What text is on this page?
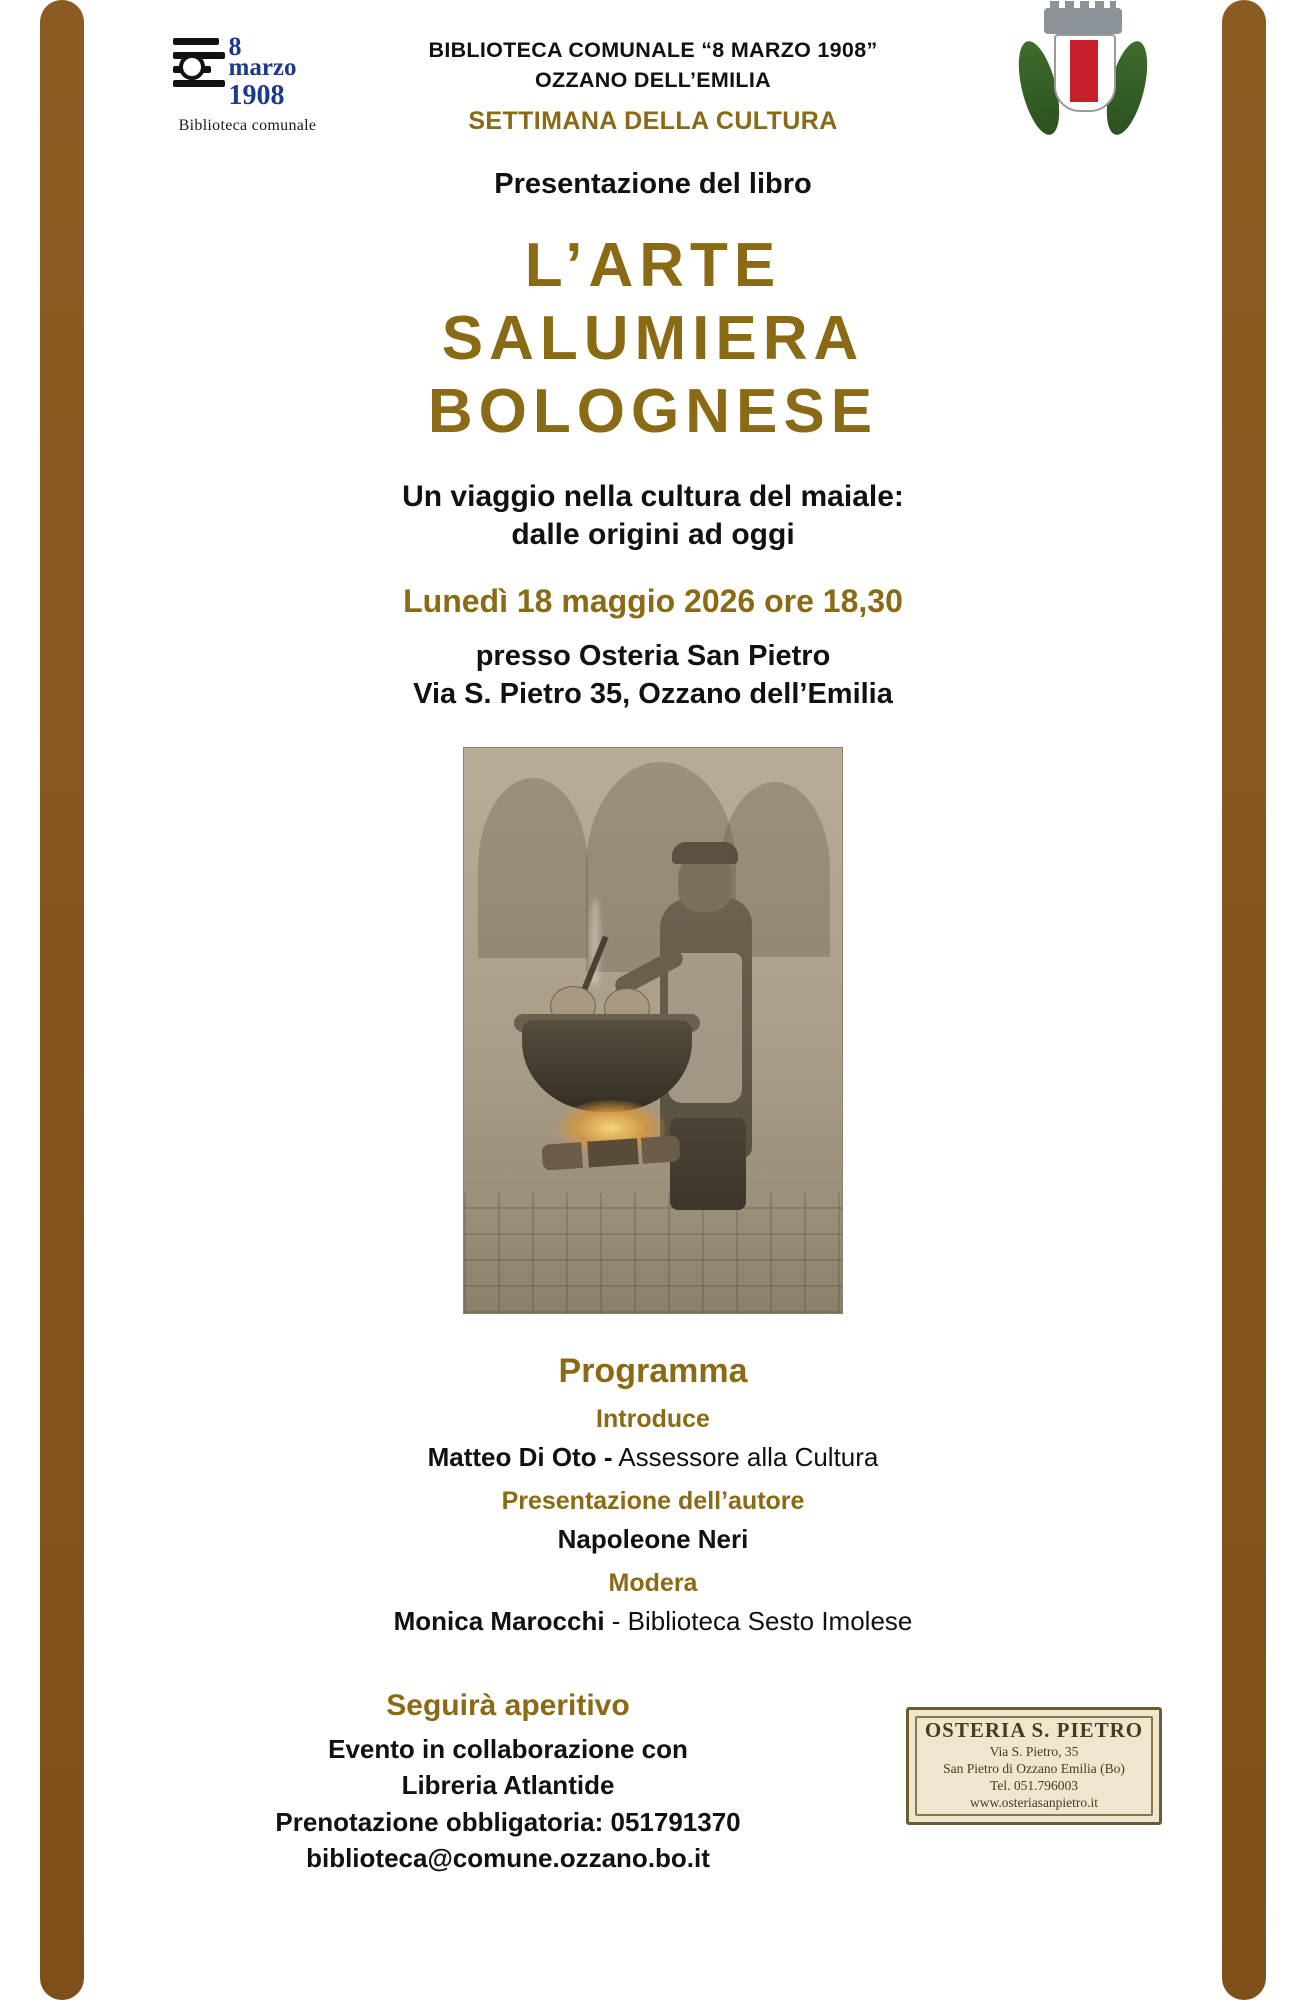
8
marzo
1908
Biblioteca comunale
BIBLIOTECA COMUNALE “8 MARZO 1908”
OZZANO DELL’EMILIA
SETTIMANA DELLA CULTURA
Presentazione del libro
L’ARTE
SALUMIERA
BOLOGNESE
Un viaggio nella cultura del maiale:
dalle origini ad oggi
Lunedì 18 maggio 2026 ore 18,30
presso Osteria San Pietro
Via S. Pietro 35, Ozzano dell’Emilia
Programma
Introduce
Matteo Di Oto - Assessore alla Cultura
Presentazione dell’autore
Napoleone Neri
Modera
Monica Marocchi - Biblioteca Sesto Imolese
Seguirà aperitivo
Evento in collaborazione con
Libreria Atlantide
Prenotazione obbligatoria: 051791370
biblioteca@comune.ozzano.bo.it
OSTERIA S. PIETRO
Via S. Pietro, 35
San Pietro di Ozzano Emilia (Bo)
Tel. 051.796003
www.osteriasanpietro.it
